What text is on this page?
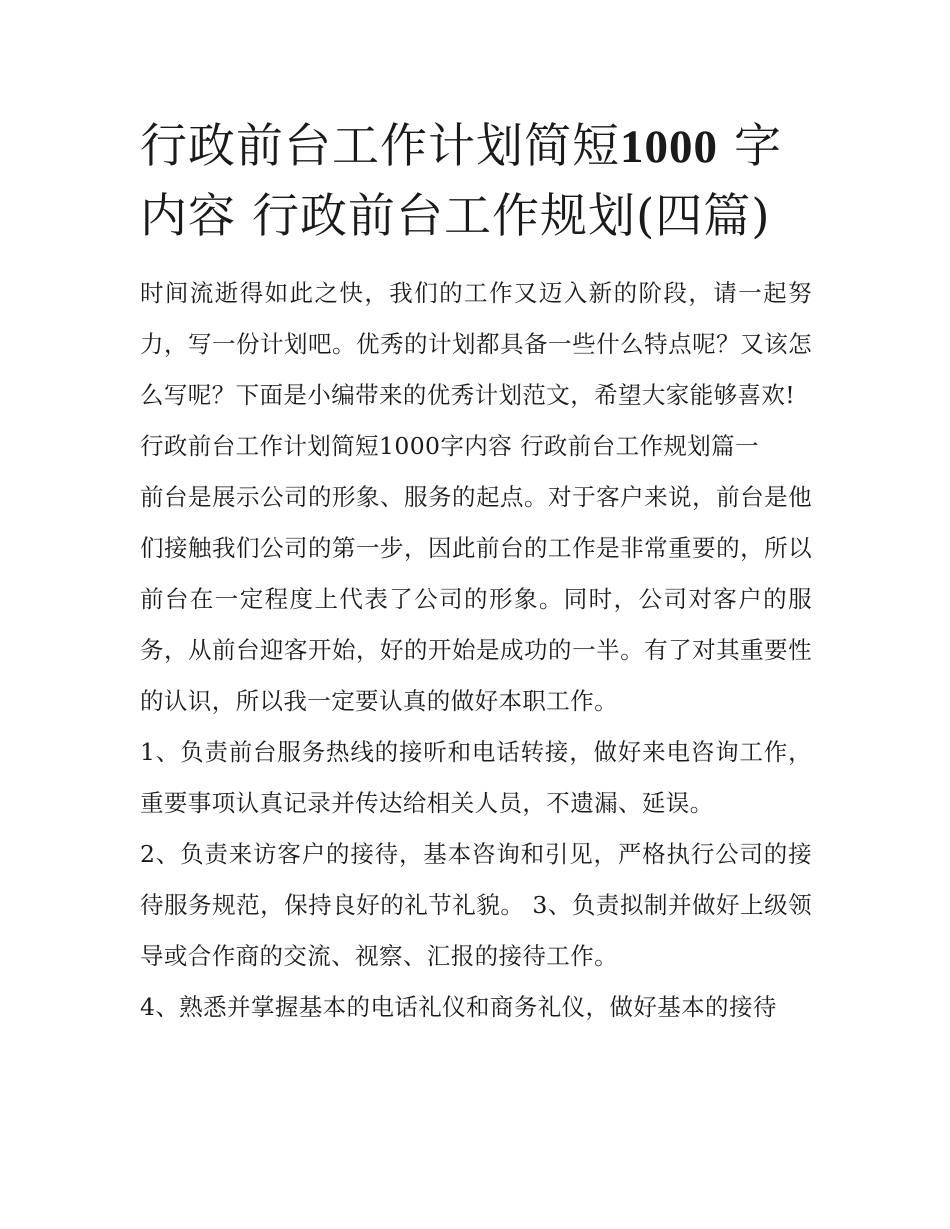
行政前台工作计划简短1000 字内容 行政前台工作规划(四篇)

时间流逝得如此之快，我们的工作又迈入新的阶段，请一起努力，写一份计划吧。优秀的计划都具备一些什么特点呢？又该怎么写呢？下面是小编带来的优秀计划范文，希望大家能够喜欢!

行政前台工作计划简短1000字内容 行政前台工作规划篇一

前台是展示公司的形象、服务的起点。对于客户来说，前台是他们接触我们公司的第一步，因此前台的工作是非常重要的，所以前台在一定程度上代表了公司的形象。同时，公司对客户的服务，从前台迎客开始，好的开始是成功的一半。有了对其重要性的认识，所以我一定要认真的做好本职工作。

1、负责前台服务热线的接听和电话转接，做好来电咨询工作，重要事项认真记录并传达给相关人员，不遗漏、延误。

2、负责来访客户的接待，基本咨询和引见，严格执行公司的接待服务规范，保持良好的礼节礼貌。 3、负责拟制并做好上级领导或合作商的交流、视察、汇报的接待工作。

4、熟悉并掌握基本的电话礼仪和商务礼仪，做好基本的接待
